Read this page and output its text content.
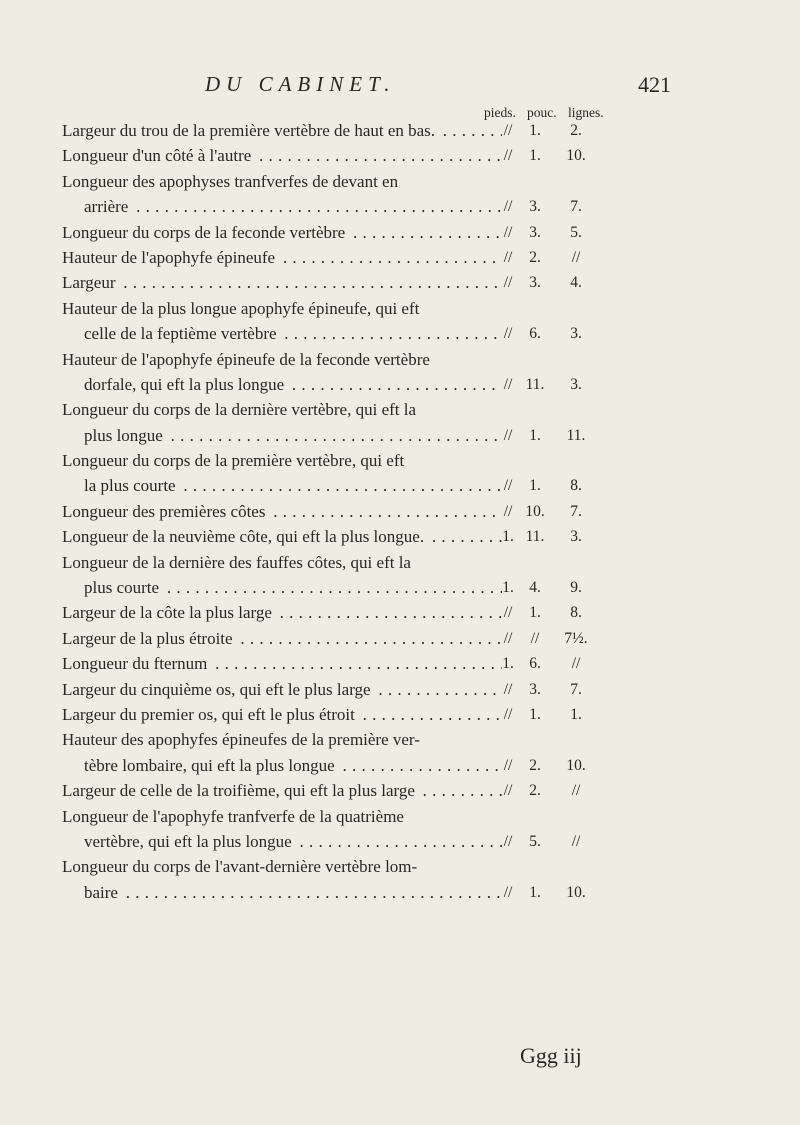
DU CABINET.	421
pieds. pouc. lignes.
Largeur du trou de la première vertèbre de haut en bas. . . .	//	1.	2.
Longueur d'un côté à l'autre . . .	//	1.	10.
Longueur des apophyses tranfverfes de devant en
arrière . . .	//	3.	7.
Longueur du corps de la feconde vertèbre . . .	//	3.	5.
Hauteur de l'apophyfe épineufe . . .	//	2.	//
Largeur . . .	//	3.	4.
Hauteur de la plus longue apophyfe épineufe, qui eft
celle de la feptième vertèbre . . .	//	6.	3.
Hauteur de l'apophyfe épineufe de la feconde vertèbre
dorfale, qui eft la plus longue . . .	// 11.	3.
Longueur du corps de la dernière vertèbre, qui eft la
plus longue . . .	//	1.	11.
Longueur du corps de la première vertèbre, qui eft
la plus courte . . .	//	1.	8.
Longueur des premières côtes . . .	// 10.	7.
Longueur de la neuvième côte, qui eft la plus longue. . . .	1. 11.	3.
Longueur de la dernière des fauffes côtes, qui eft la
plus courte . . .	1. 4.	9.
Largeur de la côte la plus large . . .	//	1.	8.
Largeur de la plus étroite . . .	//	//	7½.
Longueur du fternum . . .	1. 6.	//
Largeur du cinquième os, qui eft le plus large . . .	//	3.	7.
Largeur du premier os, qui eft le plus étroit . . .	//	1.	1.
Hauteur des apophyfes épineufes de la première ver-
tèbre lombaire, qui eft la plus longue . . .	//	2.	10.
Largeur de celle de la troifième, qui eft la plus large . . .	//	2.	//
Longueur de l'apophyfe tranfverfe de la quatrième
vertèbre, qui eft la plus longue . . .	//	5.	//
Longueur du corps de l'avant-dernière vertèbre lom-
baire . . .	//	1.	10.
Ggg iij
